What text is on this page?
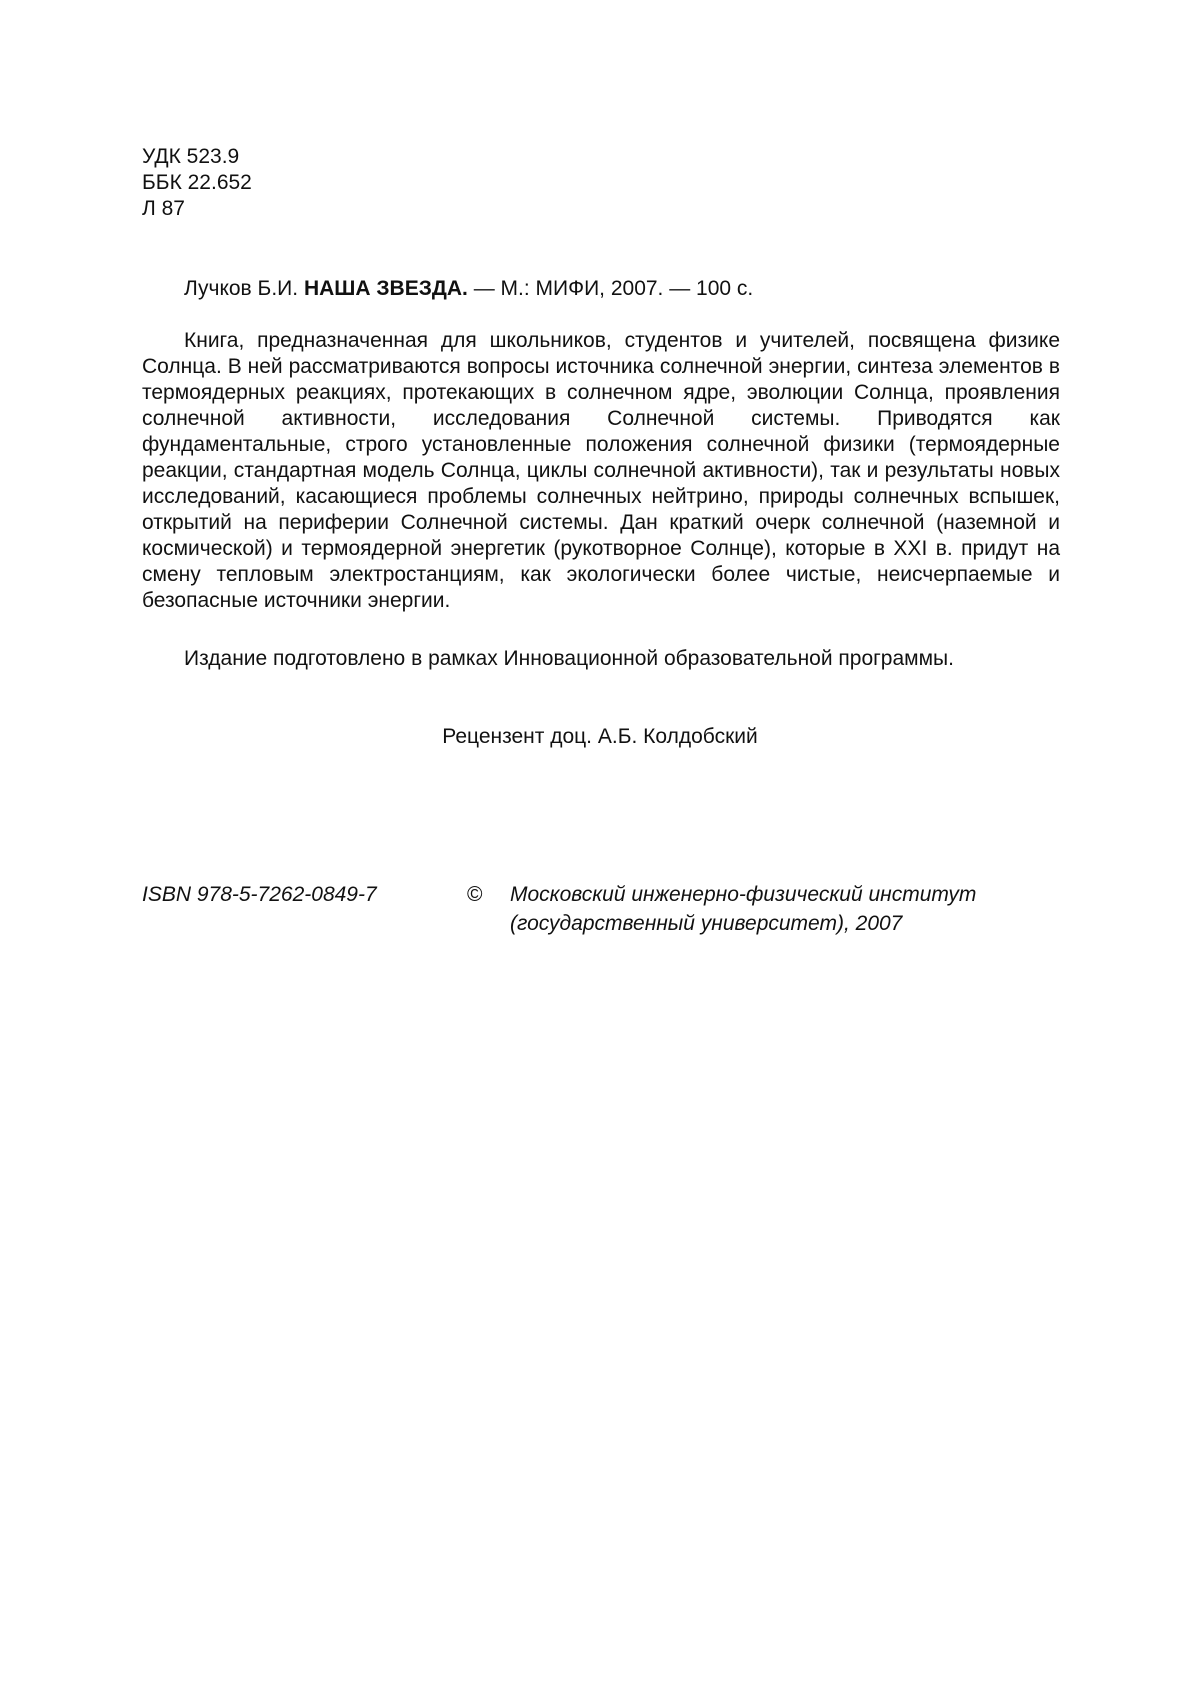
УДК 523.9
ББК 22.652
Л 87
Лучков Б.И. НАША ЗВЕЗДА. — М.: МИФИ, 2007. — 100 с.
Книга, предназначенная для школьников, студентов и учителей, посвящена физике Солнца. В ней рассматриваются вопросы источника солнечной энергии, синтеза элементов в термоядерных реакциях, протекающих в солнечном ядре, эволюции Солнца, проявления солнечной активности, исследования Солнечной системы. Приводятся как фундаментальные, строго установленные положения солнечной физики (термоядерные реакции, стандартная модель Солнца, циклы солнечной активности), так и результаты новых исследований, касающиеся проблемы солнечных нейтрино, природы солнечных вспышек, открытий на периферии Солнечной системы. Дан краткий очерк солнечной (наземной и космической) и термоядерной энергетик (рукотворное Солнце), которые в XXI в. придут на смену тепловым электростанциям, как экологически более чистые, неисчерпаемые и безопасные источники энергии.
Издание подготовлено в рамках Инновационной образовательной программы.
Рецензент доц. А.Б. Колдобский
ISBN 978-5-7262-0849-7	© Московский инженерно-физический институт
(государственный университет), 2007
